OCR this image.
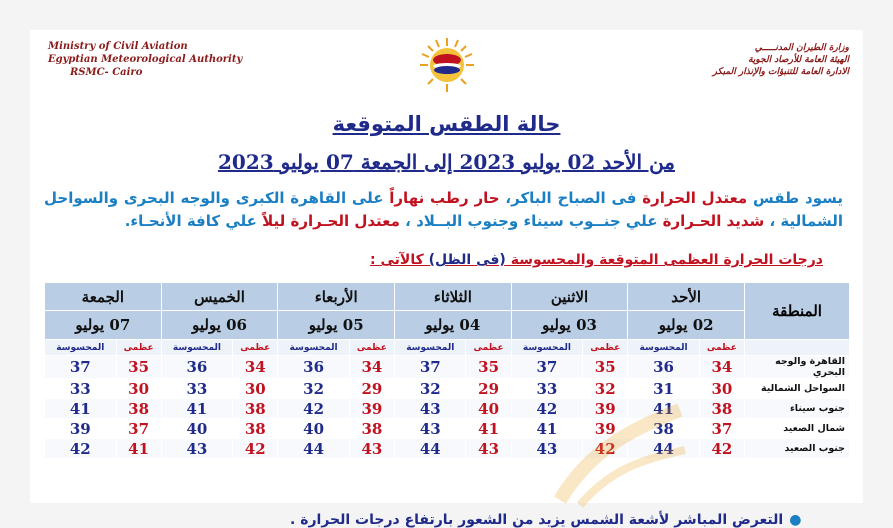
Ministry of Civil Aviation
Egyptian Meteorological Authority
RSMC- Cairo
وزارة الطيران المدنـــــي
الهيئة العامة للأرصاد الجوية
الادارة العامة للتنبؤات والإنذار المبكر
حالة الطقس المتوقعة
من الأحد 02 يوليو 2023 إلى الجمعة 07 يوليو 2023
يسود طقس معتدل الحرارة فى الصباح الباكر، حار رطب نهاراً على القاهرة الكبرى والوجه البحرى والسواحل الشمالية ، شديد الحـرارة علي جنــوب سيناء وجنوب البــلاد ، معتدل الحـرارة ليلاً علي كافة الأنحـاء.
درجات الحرارة العظمى المتوقعة والمحسوسة (فى الظل) كالآتى :
المنطقة	الأحد		الاثنين		الثلاثاء		الأربعاء		الخميس		الجمعة	
	02 يوليو		03 يوليو		04 يوليو		05 يوليو		06 يوليو		07 يوليو	
	عظمى	المحسوسة	عظمى	المحسوسة	عظمى	المحسوسة	عظمى	المحسوسة	عظمى	المحسوسة	عظمى	المحسوسة
القاهرة والوجه البحري	34	36	35	37	35	37	34	36	34	36	35	37
السواحل الشمالية	30	31	32	33	29	32	29	32	30	33	30	33
جنوب سيناء	38	41	39	42	40	43	39	42	38	41	38	41
شمال الصعيد	37	38	39	41	41	43	38	40	38	40	37	39
جنوب الصعيد	42	44	42	43	43	44	43	44	42	43	41	42
●التعرض المباشر لأشعة الشمس يزيد من الشعور بارتفاع درجات الحرارة .
